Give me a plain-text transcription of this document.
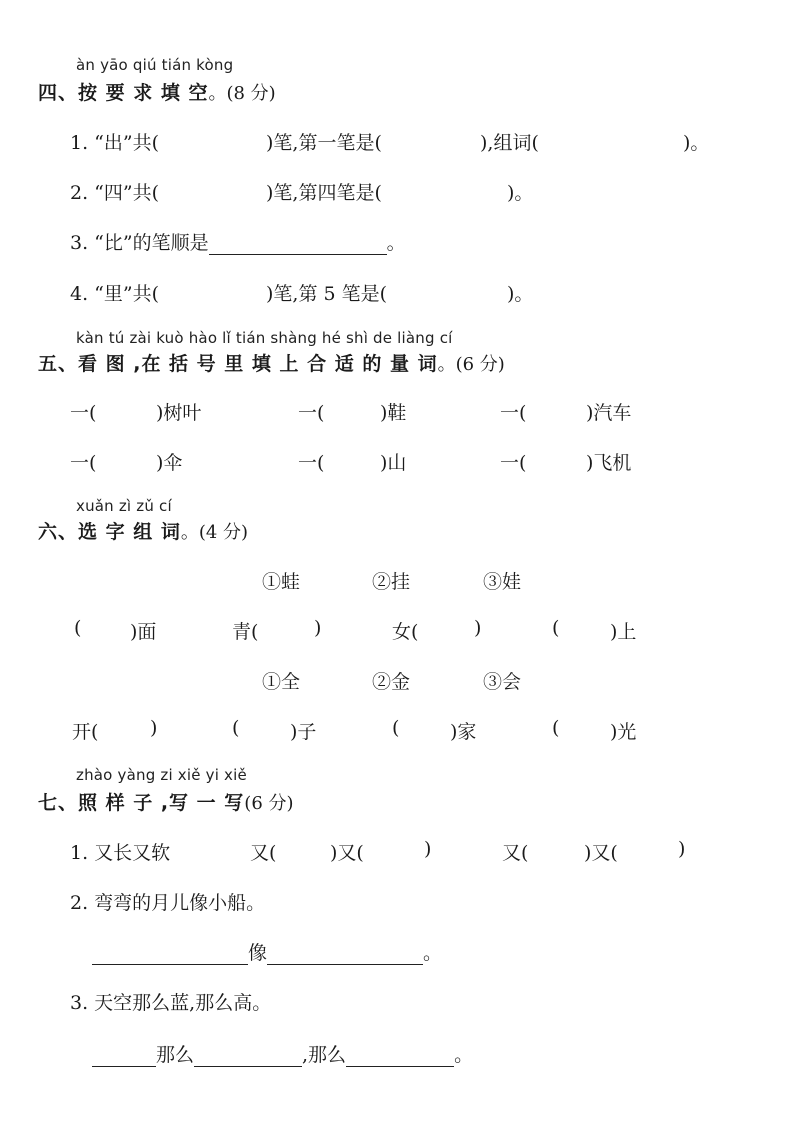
àn yāo qiú tián kòng
四、按 要 求 填 空。(8 分)
1. “出”共(	)笔,第一笔是(	),组词(	)。
2. “四”共(	)笔,第四笔是(	)。
3. “比”的笔顺是	。
4. “里”共(	)笔,第 5 笔是(	)。
kàn tú zài kuò hào lǐ tián shàng hé shì de liàng cí
五、看 图 ,在 括 号 里 填 上 合 适 的 量 词。(6 分)
一(	)树叶	一(	)鞋	一(	)汽车
一(	)伞	一(	)山	一(	)飞机
xuǎn zì zǔ cí
六、选 字 组 词。(4 分)
①蛙	②挂	③娃
(	)面	青(	)	女(	)	(	)上
①全	②金	③会
开(	)	(	)子	(	)家	(	)光
zhào yàng zi xiě yi xiě
七、照 样 子 ,写 一 写(6 分)
1. 又长又软	又(	)又(	)	又(	)又(	)
2. 弯弯的月儿像小船。
像	。
3. 天空那么蓝,那么高。
那么	,那么	。
